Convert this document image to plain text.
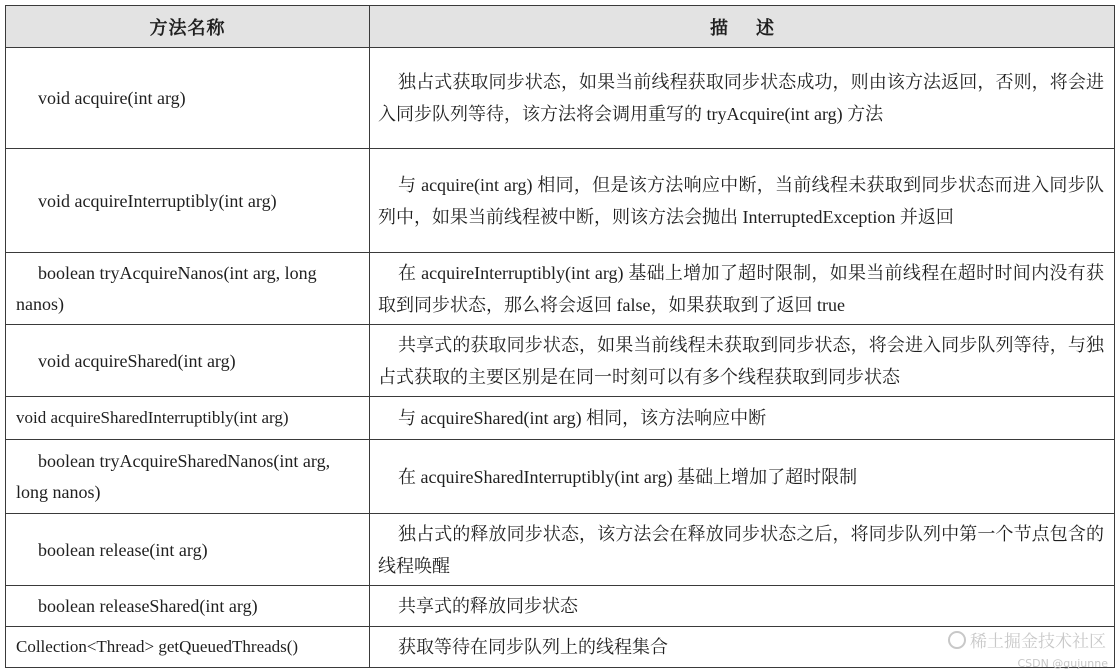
方法名称	描述

void acquire(int arg)	独占式获取同步状态，如果当前线程获取同步状态成功，则由该方法返回，否则，将会进入同步队列等待，该方法将会调用重写的 tryAcquire(int arg) 方法

void acquireInterruptibly(int arg)	与 acquire(int arg) 相同，但是该方法响应中断，当前线程未获取到同步状态而进入同步队列中，如果当前线程被中断，则该方法会抛出 InterruptedException 并返回

boolean tryAcquireNanos(int arg, long nanos)	在 acquireInterruptibly(int arg) 基础上增加了超时限制，如果当前线程在超时时间内没有获取到同步状态，那么将会返回 false，如果获取到了返回 true

void acquireShared(int arg)	共享式的获取同步状态，如果当前线程未获取到同步状态，将会进入同步队列等待，与独占式获取的主要区别是在同一时刻可以有多个线程获取到同步状态

void acquireSharedInterruptibly(int arg)	与 acquireShared(int arg) 相同，该方法响应中断

boolean tryAcquireSharedNanos(int arg, long nanos)	在 acquireSharedInterruptibly(int arg) 基础上增加了超时限制

boolean release(int arg)	独占式的释放同步状态，该方法会在释放同步状态之后，将同步队列中第一个节点包含的线程唤醒

boolean releaseShared(int arg)	共享式的释放同步状态

Collection<Thread> getQueuedThreads()	获取等待在同步队列上的线程集合	稀土掘金技术社区
CSDN @gujunne
